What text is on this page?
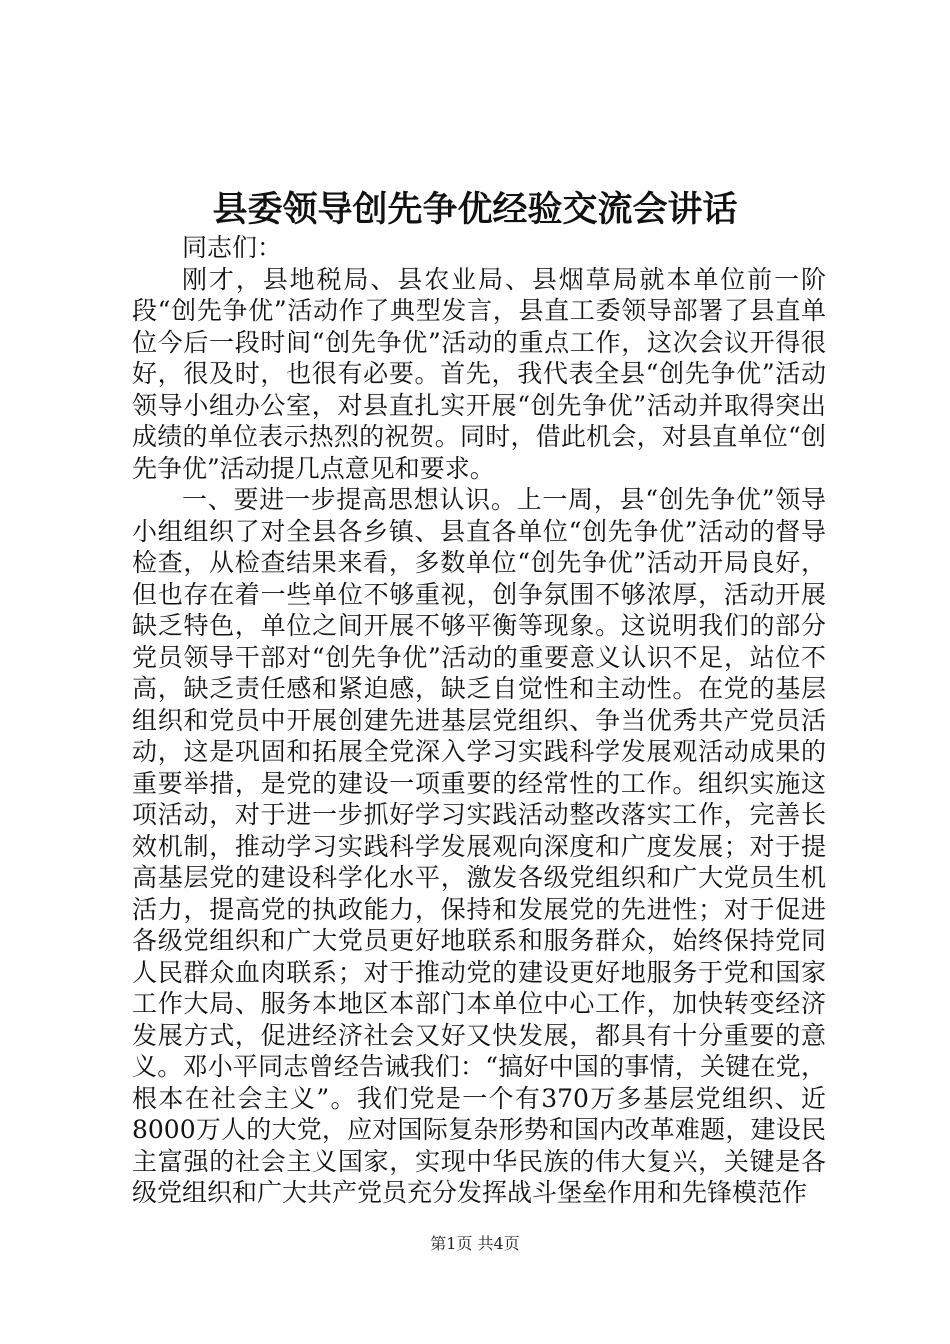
县委领导创先争优经验交流会讲话

同志们：

刚才，县地税局、县农业局、县烟草局就本单位前一阶段“创先争优”活动作了典型发言，县直工委领导部署了县直单位今后一段时间“创先争优”活动的重点工作，这次会议开得很好，很及时，也很有必要。首先，我代表全县“创先争优”活动领导小组办公室，对县直扎实开展“创先争优”活动并取得突出成绩的单位表示热烈的祝贺。同时，借此机会，对县直单位“创先争优”活动提几点意见和要求。

一、要进一步提高思想认识。上一周，县“创先争优”领导小组组织了对全县各乡镇、县直各单位“创先争优”活动的督导检查，从检查结果来看，多数单位“创先争优”活动开局良好，但也存在着一些单位不够重视，创争氛围不够浓厚，活动开展缺乏特色，单位之间开展不够平衡等现象。这说明我们的部分党员领导干部对“创先争优”活动的重要意义认识不足，站位不高，缺乏责任感和紧迫感，缺乏自觉性和主动性。在党的基层组织和党员中开展创建先进基层党组织、争当优秀共产党员活动，这是巩固和拓展全党深入学习实践科学发展观活动成果的重要举措，是党的建设一项重要的经常性的工作。组织实施这项活动，对于进一步抓好学习实践活动整改落实工作，完善长效机制，推动学习实践科学发展观向深度和广度发展；对于提高基层党的建设科学化水平，激发各级党组织和广大党员生机活力，提高党的执政能力，保持和发展党的先进性；对于促进各级党组织和广大党员更好地联系和服务群众，始终保持党同人民群众血肉联系；对于推动党的建设更好地服务于党和国家工作大局、服务本地区本部门本单位中心工作，加快转变经济发展方式，促进经济社会又好又快发展，都具有十分重要的意义。邓小平同志曾经告诫我们：“搞好中国的事情，关键在党，根本在社会主义”。我们党是一个有370万多基层党组织、近8000万人的大党，应对国际复杂形势和国内改革难题，建设民主富强的社会主义国家，实现中华民族的伟大复兴，关键是各级党组织和广大共产党员充分发挥战斗堡垒作用和先锋模范作

第1页 共4页
